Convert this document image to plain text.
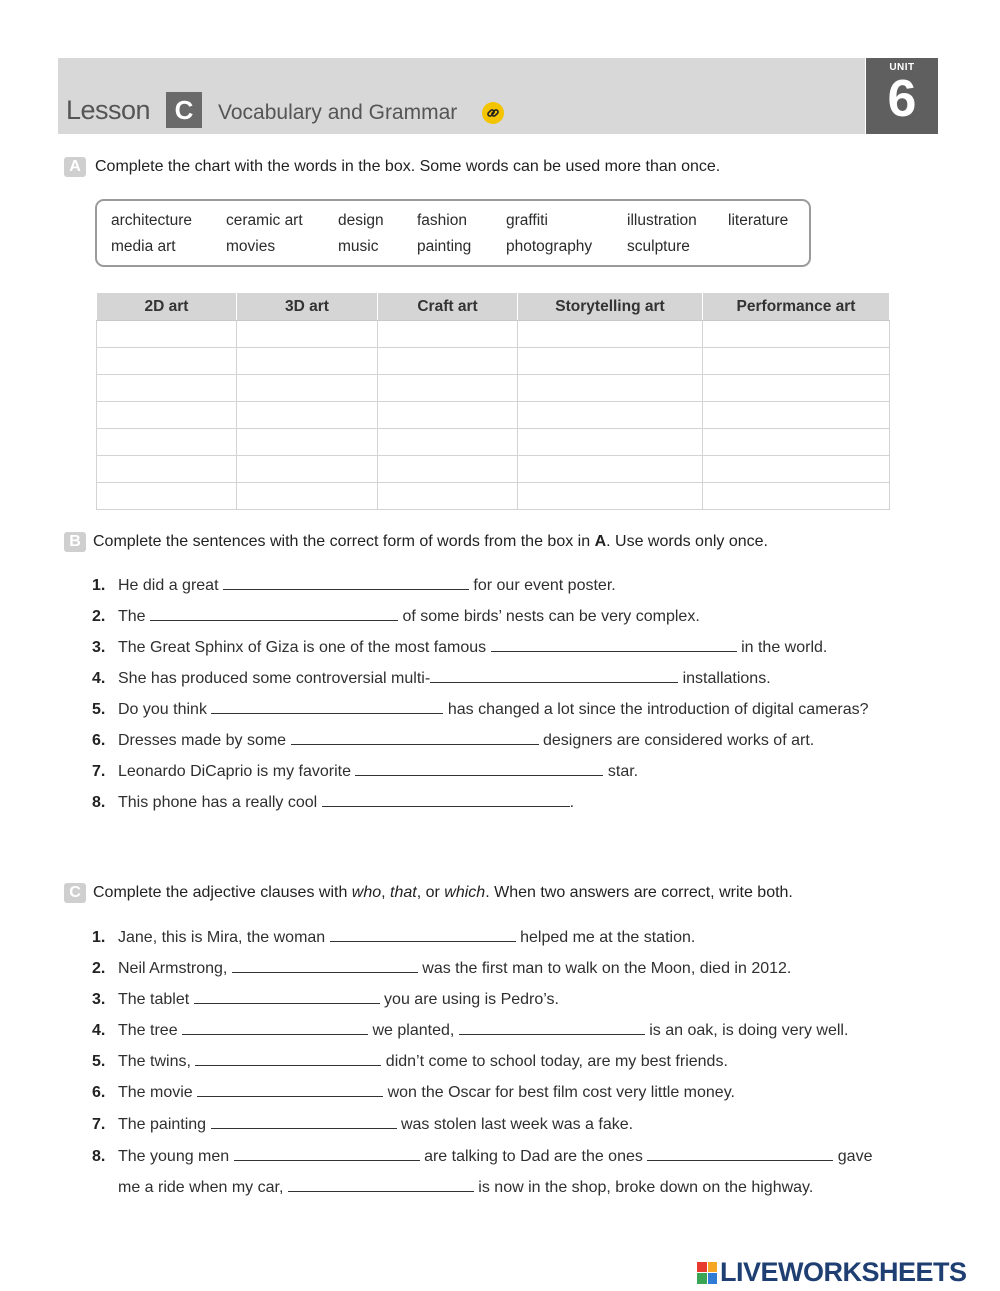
Lesson C	Vocabulary and Grammar
UNIT
6
A Complete the chart with the words in the box. Some words can be used more than once.
architecture ceramic art design fashion	graffiti	illustration literature
media art	movies	music painting photography sculpture
2D art	3D art	Craft art	Storytelling art	Performance art

B Complete the sentences with the correct form of words from the box in A. Use words only once.
1. He did a great	for our event poster.
2. The	of some birds’ nests can be very complex.
3. The Great Sphinx of Giza is one of the most famous	in the world.
4. She has produced some controversial multi-	installations.
5. Do you think	has changed a lot since the introduction of digital cameras?
6. Dresses made by some	designers are considered works of art.
7. Leonardo DiCaprio is my favorite	star.
8. This phone has a really cool	.
C Complete the adjective clauses with who, that, or which. When two answers are correct, write both.
1. Jane, this is Mira, the woman	helped me at the station.
2. Neil Armstrong,	was the first man to walk on the Moon, died in 2012.
3. The tablet	you are using is Pedro’s.
4. The tree	we planted,	is an oak, is doing very well.
5. The twins,	didn’t come to school today, are my best friends.
6. The movie	won the Oscar for best film cost very little money.
7. The painting	was stolen last week was a fake.
8. The young men	are talking to Dad are the ones	gave
me a ride when my car,	is now in the shop, broke down on the highway.
LIVEWORKSHEETS
